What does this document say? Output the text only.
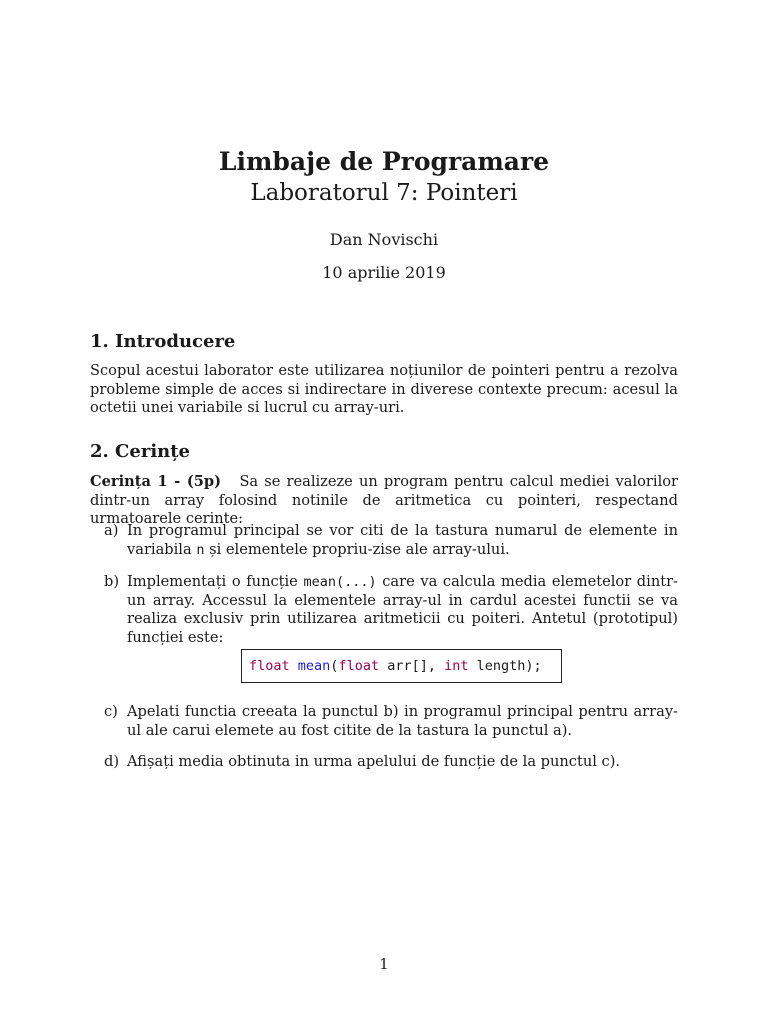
Limbaje de Programare
Laboratorul 7: Pointeri
Dan Novischi
10 aprilie 2019
1. Introducere
Scopul acestui laborator este utilizarea noțiunilor de pointeri pentru a rezolva probleme simple de acces si indirectare in diverese contexte precum: acesul la octetii unei variabile si lucrul cu array-uri.
2. Cerințe
Cerința 1 - (5p) Sa se realizeze un program pentru calcul mediei valorilor dintr-un array folosind notinile de aritmetica cu pointeri, respectand urmatoarele cerinte:
a) In programul principal se vor citi de la tastura numarul de elemente in variabila n și elementele propriu-zise ale array-ului.
b) Implementați o funcție mean(...) care va calcula media elemetelor dintr-un array. Accessul la elementele array-ul in cardul acestei functii se va realiza exclusiv prin utilizarea aritmeticii cu poiteri. Antetul (prototipul) funcției este:
float mean(float arr[], int length);
c) Apelati functia creeata la punctul b) in programul principal pentru array-ul ale carui elemete au fost citite de la tastura la punctul a).
d) Afișați media obtinuta in urma apelului de funcție de la punctul c).
1
